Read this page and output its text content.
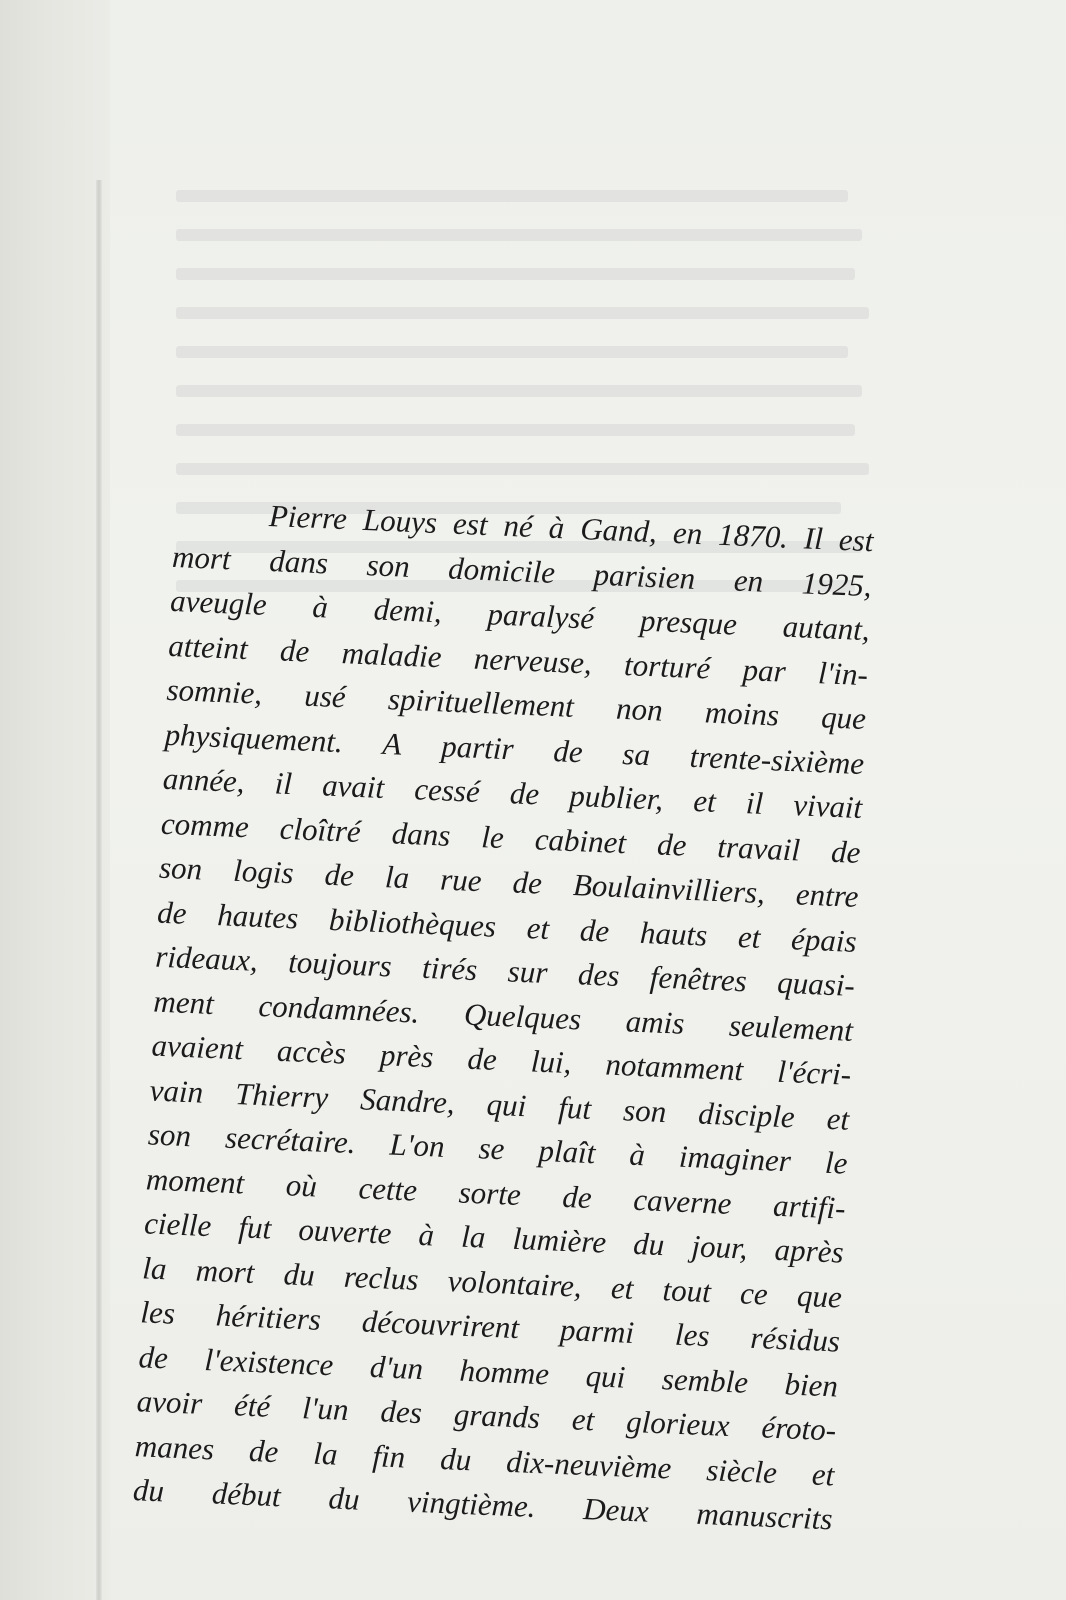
Pierre Louys est né à Gand, en 1870. Il est
mort dans son domicile parisien en 1925,
aveugle à demi, paralysé presque autant,
atteint de maladie nerveuse, torturé par l'in-
somnie, usé spirituellement non moins que
physiquement. A partir de sa trente-sixième
année, il avait cessé de publier, et il vivait
comme cloîtré dans le cabinet de travail de
son logis de la rue de Boulainvilliers, entre
de hautes bibliothèques et de hauts et épais
rideaux, toujours tirés sur des fenêtres quasi-
ment condamnées. Quelques amis seulement
avaient accès près de lui, notamment l'écri-
vain Thierry Sandre, qui fut son disciple et
son secrétaire. L'on se plaît à imaginer le
moment où cette sorte de caverne artifi-
cielle fut ouverte à la lumière du jour, après
la mort du reclus volontaire, et tout ce que
les héritiers découvrirent parmi les résidus
de l'existence d'un homme qui semble bien
avoir été l'un des grands et glorieux éroto-
manes de la fin du dix-neuvième siècle et
du début du vingtième. Deux manuscrits
